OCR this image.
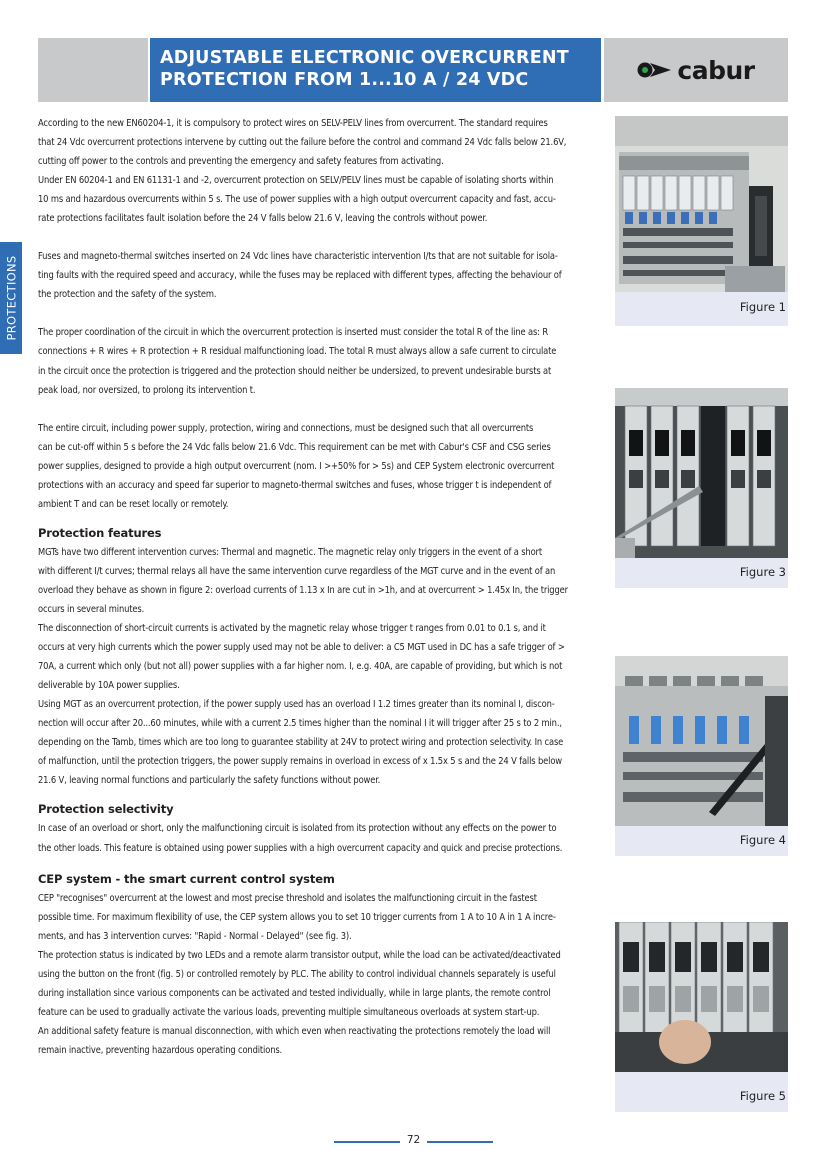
ADJUSTABLE ELECTRONIC OVERCURRENT
PROTECTION FROM 1...10 A / 24 VDC	cabur
PROTECTIONS

According to the new EN60204-1, it is compulsory to protect wires on SELV-PELV lines from overcurrent. The standard requires

that 24 Vdc overcurrent protections intervene by cutting out the failure before the control and command 24 Vdc falls below 21.6V,

cutting off power to the controls and preventing the emergency and safety features from activating.

Under EN 60204-1 and EN 61131-1 and -2, overcurrent protection on SELV/PELV lines must be capable of isolating shorts within

10 ms and hazardous overcurrents within 5 s. The use of power supplies with a high output overcurrent capacity and fast, accu-

rate protections facilitates fault isolation before the 24 V falls below 21.6 V, leaving the controls without power.

Fuses and magneto-thermal switches inserted on 24 Vdc lines have characteristic intervention I/ts that are not suitable for isola-

ting faults with the required speed and accuracy, while the fuses may be replaced with different types, affecting the behaviour of

the protection and the safety of the system.

The proper coordination of the circuit in which the overcurrent protection is inserted must consider the total R of the line as: R

connections + R wires + R protection + R residual malfunctioning load. The total R must always allow a safe current to circulate

in the circuit once the protection is triggered and the protection should neither be undersized, to prevent undesirable bursts at

peak load, nor oversized, to prolong its intervention t.

The entire circuit, including power supply, protection, wiring and connections, must be designed such that all overcurrents

can be cut-off within 5 s before the 24 Vdc falls below 21.6 Vdc. This requirement can be met with Cabur's CSF and CSG series

power supplies, designed to provide a high output overcurrent (nom. I >+50% for > 5s) and CEP System electronic overcurrent

protections with an accuracy and speed far superior to magneto-thermal switches and fuses, whose trigger t is independent of

ambient T and can be reset locally or remotely.

Protection features

MGTs have two different intervention curves: Thermal and magnetic. The magnetic relay only triggers in the event of a short

with different I/t curves; thermal relays all have the same intervention curve regardless of the MGT curve and in the event of an

overload they behave as shown in figure 2: overload currents of 1.13 x In are cut in >1h, and at overcurrent > 1.45x In, the trigger

occurs in several minutes.

The disconnection of short-circuit currents is activated by the magnetic relay whose trigger t ranges from 0.01 to 0.1 s, and it

occurs at very high currents which the power supply used may not be able to deliver: a C5 MGT used in DC has a safe trigger of >

70A, a current which only (but not all) power supplies with a far higher nom. I, e.g. 40A, are capable of providing, but which is not

deliverable by 10A power supplies.

Using MGT as an overcurrent protection, if the power supply used has an overload I 1.2 times greater than its nominal I, discon-

nection will occur after 20...60 minutes, while with a current 2.5 times higher than the nominal I it will trigger after 25 s to 2 min.,

depending on the Tamb, times which are too long to guarantee stability at 24V to protect wiring and protection selectivity. In case

of malfunction, until the protection triggers, the power supply remains in overload in excess of x 1.5x 5 s and the 24 V falls below

21.6 V, leaving normal functions and particularly the safety functions without power.

Protection selectivity

In case of an overload or short, only the malfunctioning circuit is isolated from its protection without any effects on the power to

the other loads. This feature is obtained using power supplies with a high overcurrent capacity and quick and precise protections.

CEP system - the smart current control system

CEP "recognises" overcurrent at the lowest and most precise threshold and isolates the malfunctioning circuit in the fastest

possible time. For maximum flexibility of use, the CEP system allows you to set 10 trigger currents from 1 A to 10 A in 1 A incre-

ments, and has 3 intervention curves: "Rapid - Normal - Delayed" (see fig. 3).

The protection status is indicated by two LEDs and a remote alarm transistor output, while the load can be activated/deactivated

using the button on the front (fig. 5) or controlled remotely by PLC. The ability to control individual channels separately is useful

during installation since various components can be activated and tested individually, while in large plants, the remote control

feature can be used to gradually activate the various loads, preventing multiple simultaneous overloads at system start-up.

An additional safety feature is manual disconnection, with which even when reactivating the protections remotely the load will

remain inactive, preventing hazardous operating conditions.

Figure 1
Figure 3
Figure 4
Figure 5
72
